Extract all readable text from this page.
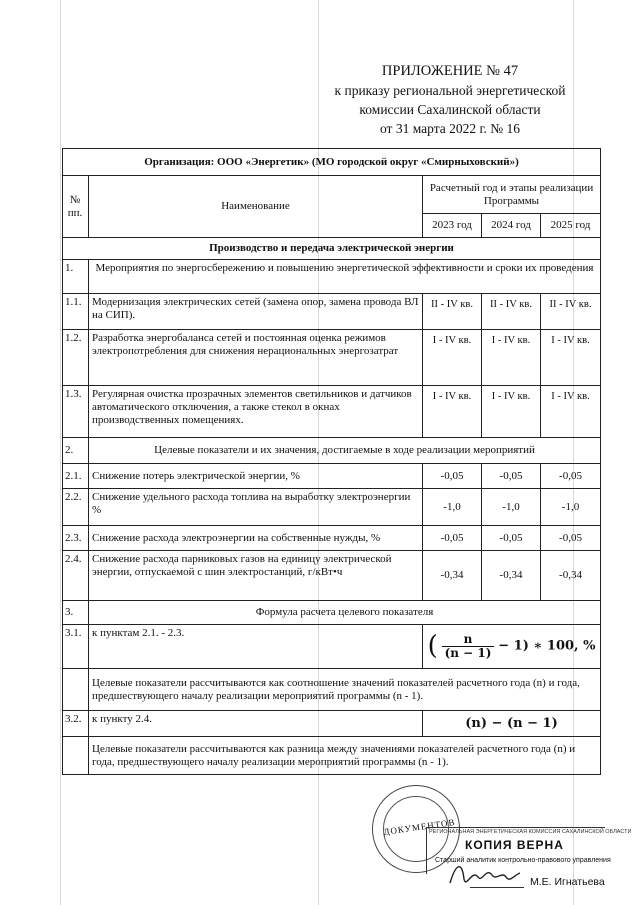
ПРИЛОЖЕНИЕ № 47
к приказу региональной энергетической
комиссии Сахалинской области
от 31 марта 2022 г. № 16
Организация: ООО «Энергетик» (МО городской округ «Смирныховский»)				
№ пп.	Наименование	Расчетный год и этапы реализации Программы		
		2023 год	2024 год	2025 год
Производство и передача электрической энергии				
1.	Мероприятия по энергосбережению и повышению энергетической эффективности и сроки их проведения			
1.1.	Модернизация электрических сетей (замена опор, замена провода ВЛ на СИП).	II - IV кв.	II - IV кв.	II - IV кв.
1.2.	Разработка энергобаланса сетей и постоянная оценка режимов электропотребления для снижения нерациональных энергозатрат	I - IV кв.	I - IV кв.	I - IV кв.
1.3.	Регулярная очистка прозрачных элементов светильников и датчиков автоматического отключения, а также стекол в окнах производственных помещениях.	I - IV кв.	I - IV кв.	I - IV кв.
2.	Целевые показатели и их значения, достигаемые в ходе реализации мероприятий			
2.1.	Снижение потерь электрической энергии, %	-0,05	-0,05	-0,05
2.2.	Снижение удельного расхода топлива на выработку электроэнергии %	-1,0	-1,0	-1,0
2.3.	Снижение расхода электроэнергии на собственные нужды, %	-0,05	-0,05	-0,05
2.4.	Снижение расхода парниковых газов на единицу электрической энергии, отпускаемой с шин электростанций, г/кВт•ч	-0,34	-0,34	-0,34
3.	Формула расчета целевого показателя			
3.1.	к пунктам 2.1. - 2.3.	( $\frac{n}{(n - 1)} - 1$) ∗ 100, %		
	Целевые показатели рассчитываются как соотношение значений показателей расчетного года (n) и года, предшествующего началу реализации мероприятий программы (n - 1).			
3.2.	к пункту 2.4.	(n) − (n − 1)		
	Целевые показатели рассчитываются как разница между значениями показателей расчетного года (n) и года, предшествующего началу реализации мероприятий программы (n - 1).			
ДОКУМЕНТОВ
РЕГИОНАЛЬНАЯ ЭНЕРГЕТИЧЕСКАЯ КОМИССИЯ САХАЛИНСКОЙ ОБЛАСТИ
КОПИЯ ВЕРНА
Старший аналитик контрольно-правового управления
М.Е. Игнатьева
